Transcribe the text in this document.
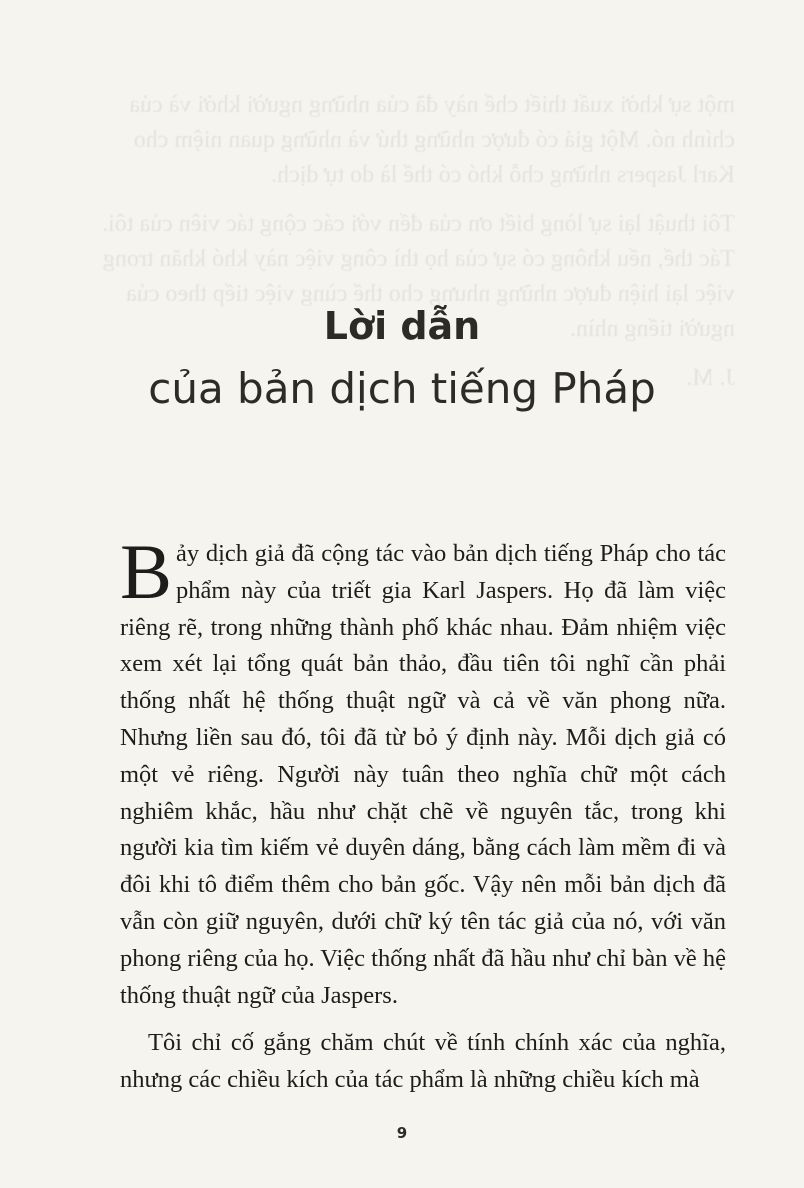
một sự khởi xuất thiết chế này đã của những người khởi và của chính nó. Một giả có được những thứ và những quan niệm cho Karl Jaspers những chỗ khó có thể là do tự dịch.

Tôi thuật lại sự lòng biết ơn của đến với các cộng tác viên của tôi. Tác thế, nếu không có sự của họ thì công việc này khó khăn trong việc lại hiện được những nhưng cho thể cùng việc tiếp theo của người tiếng nhìn.

J. M.

Lời dẫn
của bản dịch tiếng Pháp

Bảy dịch giả đã cộng tác vào bản dịch tiếng Pháp cho tác phẩm này của triết gia Karl Jaspers. Họ đã làm việc riêng rẽ, trong những thành phố khác nhau. Đảm nhiệm việc xem xét lại tổng quát bản thảo, đầu tiên tôi nghĩ cần phải thống nhất hệ thống thuật ngữ và cả về văn phong nữa. Nhưng liền sau đó, tôi đã từ bỏ ý định này. Mỗi dịch giả có một vẻ riêng. Người này tuân theo nghĩa chữ một cách nghiêm khắc, hầu như chặt chẽ về nguyên tắc, trong khi người kia tìm kiếm vẻ duyên dáng, bằng cách làm mềm đi và đôi khi tô điểm thêm cho bản gốc. Vậy nên mỗi bản dịch đã vẫn còn giữ nguyên, dưới chữ ký tên tác giả của nó, với văn phong riêng của họ. Việc thống nhất đã hầu như chỉ bàn về hệ thống thuật ngữ của Jaspers.

Tôi chỉ cố gắng chăm chút về tính chính xác của nghĩa, nhưng các chiều kích của tác phẩm là những chiều kích mà

9
